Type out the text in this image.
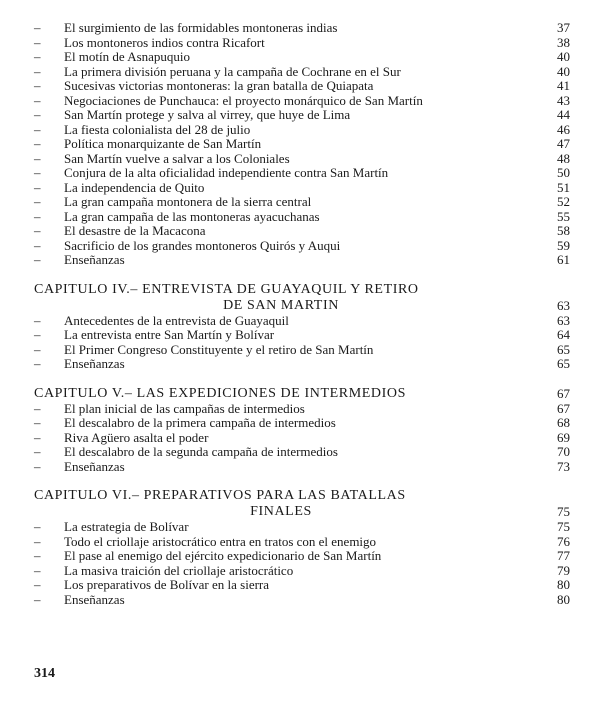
–	El surgimiento de las formidables montoneras indias	37
–	Los montoneros indios contra Ricafort	38
–	El motín de Asnapuquio	40
–	La primera división peruana y la campaña de Cochrane en el Sur	40
–	Sucesivas victorias montoneras: la gran batalla de Quiapata	41
–	Negociaciones de Punchauca: el proyecto monárquico de San Martín	43
–	San Martín protege y salva al virrey, que huye de Lima	44
–	La fiesta colonialista del 28 de julio	46
–	Política monarquizante de San Martín	47
–	San Martín vuelve a salvar a los Coloniales	48
–	Conjura de la alta oficialidad independiente contra San Martín	50
–	La independencia de Quito	51
–	La gran campaña montonera de la sierra central	52
–	La gran campaña de las montoneras ayacuchanas	55
–	El desastre de la Macacona	58
–	Sacrificio de los grandes montoneros Quirós y Auqui	59
–	Enseñanzas	61
CAPITULO IV.– ENTREVISTA DE GUAYAQUIL Y RETIRO
DE SAN MARTIN	63
–	Antecedentes de la entrevista de Guayaquil	63
–	La entrevista entre San Martín y Bolívar	64
–	El Primer Congreso Constituyente y el retiro de San Martín	65
–	Enseñanzas	65
CAPITULO V.– LAS EXPEDICIONES DE INTERMEDIOS	67
–	El plan inicial de las campañas de intermedios	67
–	El descalabro de la primera campaña de intermedios	68
–	Riva Agüero asalta el poder	69
–	El descalabro de la segunda campaña de intermedios	70
–	Enseñanzas	73
CAPITULO VI.– PREPARATIVOS PARA LAS BATALLAS
FINALES	75
–	La estrategia de Bolívar	75
–	Todo el criollaje aristocrático entra en tratos con el enemigo	76
–	El pase al enemigo del ejército expedicionario de San Martín	77
–	La masiva traición del criollaje aristocrático	79
–	Los preparativos de Bolívar en la sierra	80
–	Enseñanzas	80
314
